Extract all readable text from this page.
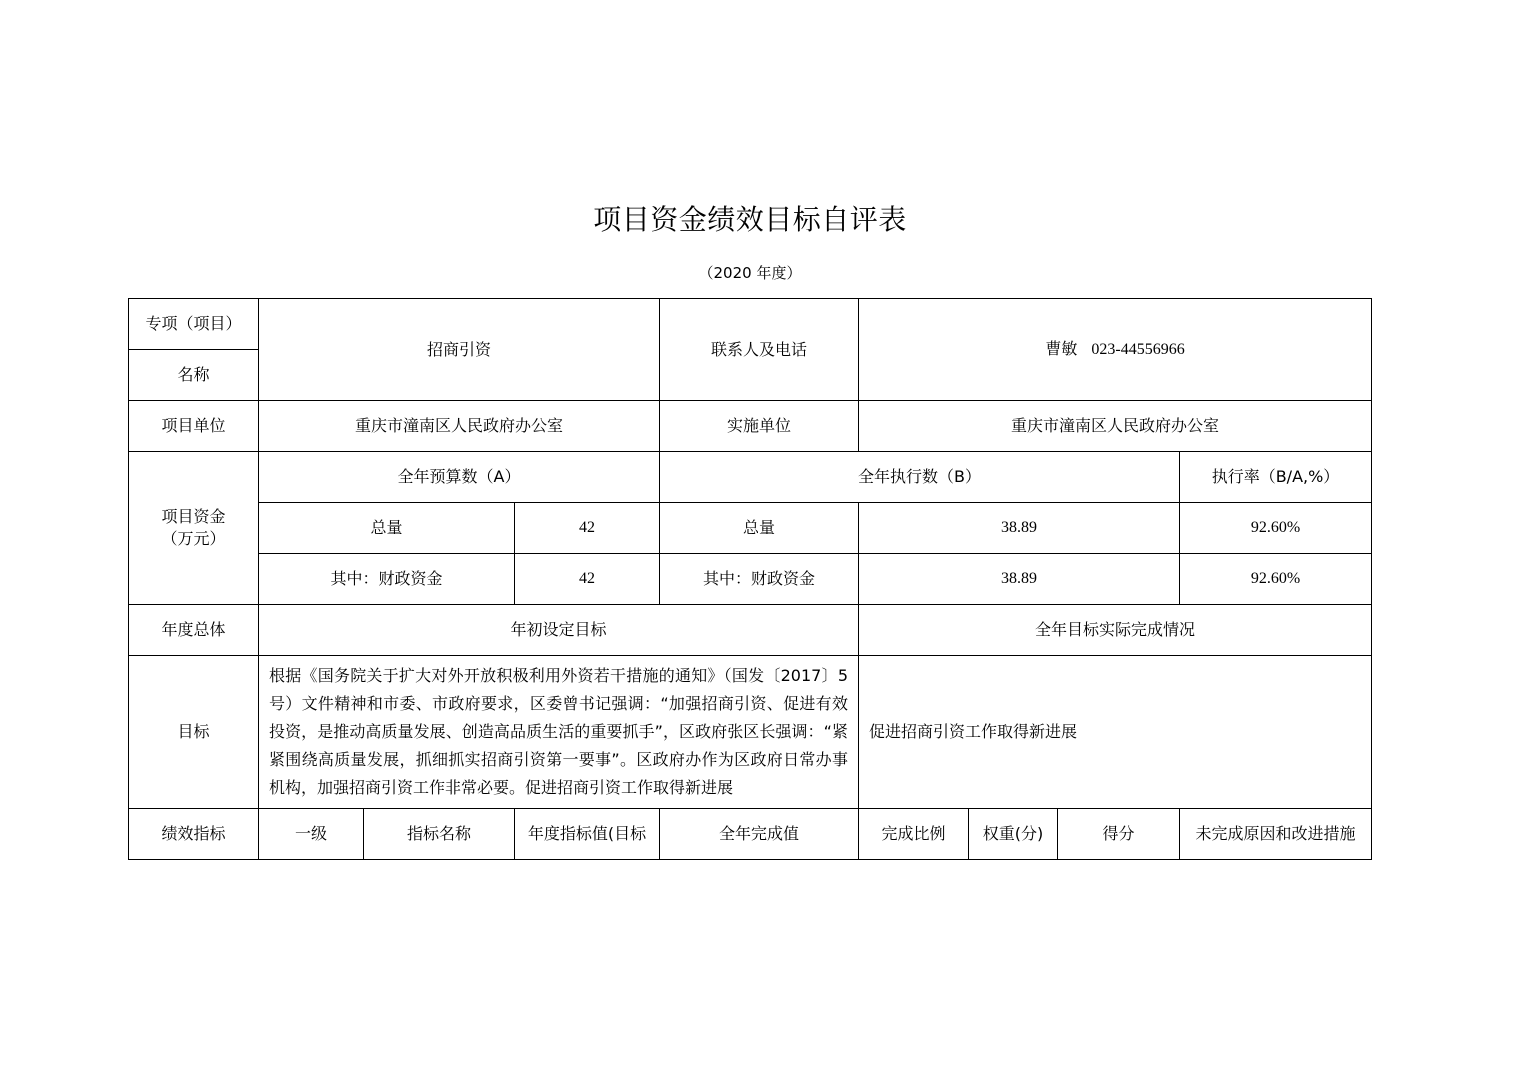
项目资金绩效目标自评表
（2020 年度）
专项（项目）	招商引资			联系人及电话	曹敏 023-44556966			
名称								
项目单位	重庆市潼南区人民政府办公室			实施单位	重庆市潼南区人民政府办公室			

项目资金
（万元）	全年预算数（A）			全年执行数（B）				执行率（B/A,%）
	总量		42	总量	38.89			92.60%
	其中：财政资金		42	其中：财政资金	38.89			92.60%
年度总体	年初设定目标				全年目标实际完成情况			
目标	根据《国务院关于扩大对外开放积极利用外资若干措施的通知》（国发〔2017〕5号）文件精神和市委、市政府要求，区委曾书记强调：“加强招商引资、促进有效投资，是推动高质量发展、创造高品质生活的重要抓手”，区政府张区长强调：“紧紧围绕高质量发展，抓细抓实招商引资第一要事”。区政府办作为区政府日常办事机构，加强招商引资工作非常必要。促进招商引资工作取得新进展				促进招商引资工作取得新进展			
绩效指标	一级	指标名称	年度指标值(目标	全年完成值	完成比例	权重(分)	得分	未完成原因和改进措施
